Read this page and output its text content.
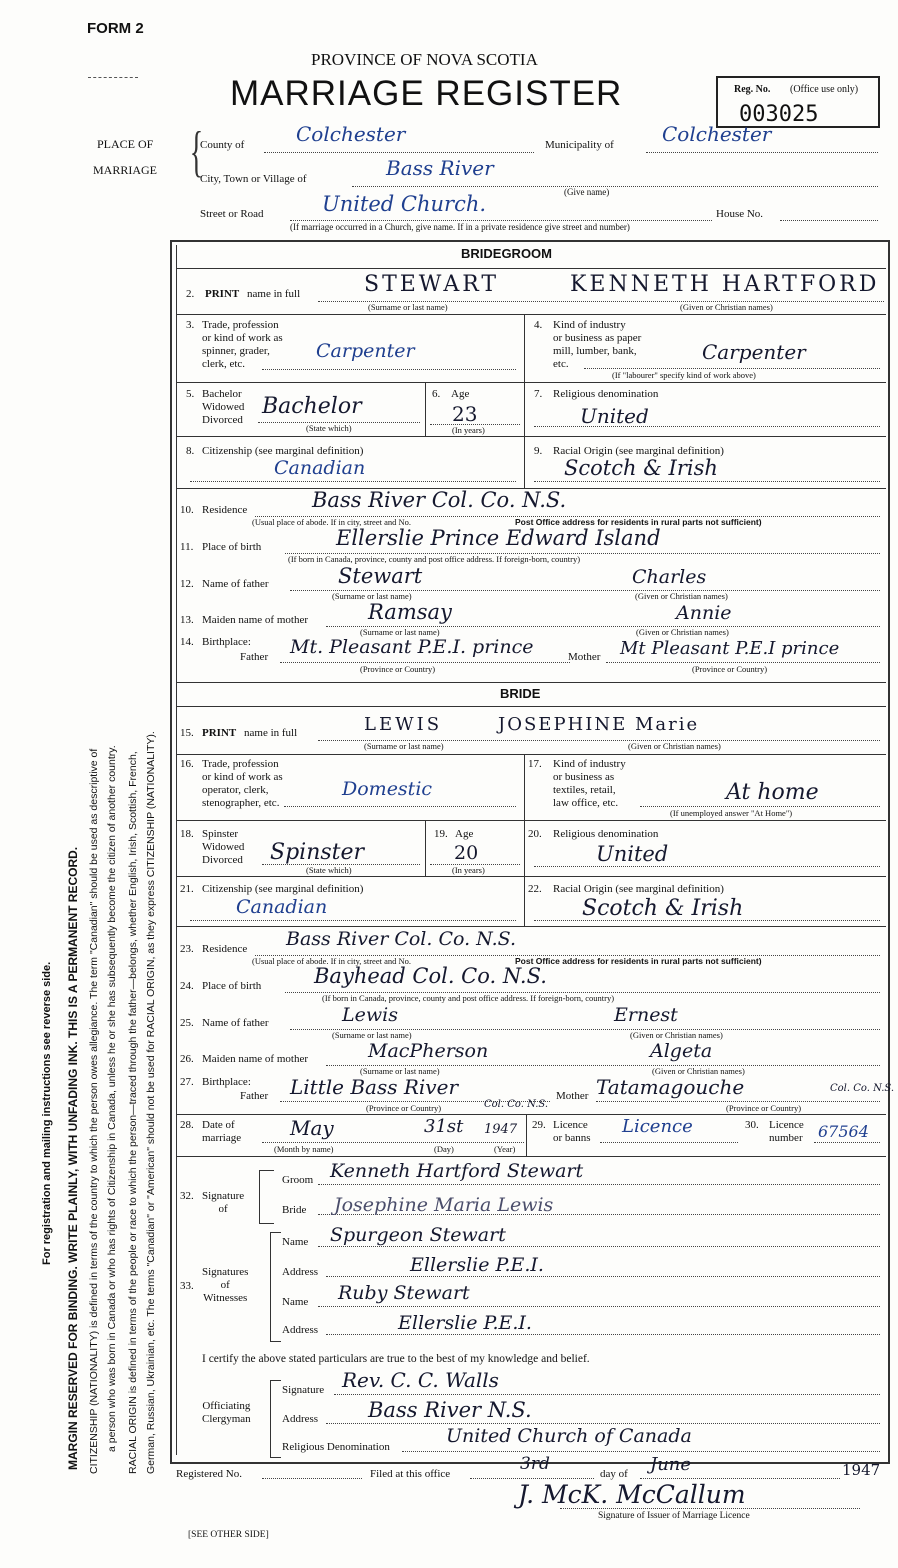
FORM 2
PROVINCE OF NOVA SCOTIA
MARRIAGE REGISTER	Reg. No. (Office use only)
003025
PLACE OF
MARRIAGE {
County of	Colchester	Municipality of Colchester
City, Town or Village of	Bass River
(Give name)
Street or Road	United Church.	House No.
(If marriage occurred in a Church, give name. If in a private residence give street and number)
MARGIN RESERVED FOR BINDING. WRITE PLAINLY, WITH UNFADING INK. THIS IS A PERMANENT RECORD.
For registration and mailing instructions see reverse side.	CITIZENSHIP (NATIONALITY) is defined in terms of the country to which the person owes allegiance. The term "Canadian" should be used as descriptive of a person who was born in Canada or who has rights of Citizenship in Canada, unless he or she has subsequently become the citizen of another country. RACIAL ORIGIN is defined in terms of the people or race to which the person—traced through the father—belongs, whether English, Irish, Scottish, French, German, Russian, Ukrainian, etc. The terms "Canadian" or "American" should not be used for RACIAL ORIGIN, as they express CITIZENSHIP (NATIONALITY).
BRIDEGROOM
2. PRINT name in full	STEWART	KENNETH HARTFORD
(Surname or last name)	(Given or Christian names)
3. Trade, profession
or kind of work as
spinner, grader,
clerk, etc.
Carpenter
4. Kind of industry
or business as paper
mill, lumber, bank,
etc.	Carpenter
(If "labourer" specify kind of work above)
5. Bachelor
Widowed
Divorced
Bachelor
(State which)
6. Age
23
(In years)
7. Religious denomination
United
8. Citizenship (see marginal definition)
Canadian
9. Racial Origin (see marginal definition)
Scotch & Irish
10. Residence	Bass River Col. Co. N.S.
(Usual place of abode. If in city, street and No.	Post Office address for residents in rural parts not sufficient)
11. Place of birth	Ellerslie Prince Edward Island
(If born in Canada, province, county and post office address. If foreign-born, country)
12. Name of father	Stewart	Charles
(Surname or last name)	(Given or Christian names)
13. Maiden name of mother	Ramsay	Annie
(Surname or last name)	(Given or Christian names)
14. Birthplace:
Father Mt. Pleasant P.E.I. prince	Mother Mt Pleasant P.E.I prince
(Province or Country)	(Province or Country)
BRIDE
15. PRINT name in full	LEWIS	JOSEPHINE Marie
(Surname or last name)	(Given or Christian names)
16. Trade, profession
or kind of work as
operator, clerk,
stenographer, etc.
Domestic
17. Kind of industry
or business as
textiles, retail,
law office, etc.	At home
(If unemployed answer "At Home")
18. Spinster
Widowed
Divorced Spinster
(State which)
19. Age
20
(In years)
20. Religious denomination
United
21. Citizenship (see marginal definition)
Canadian
22. Racial Origin (see marginal definition)
Scotch & Irish
23. Residence Bass River Col. Co. N.S.
(Usual place of abode. If in city, street and No.	Post Office address for residents in rural parts not sufficient)
24. Place of birth	Bayhead Col. Co. N.S.
(If born in Canada, province, county and post office address. If foreign-born, country)
25. Name of father	Lewis	Ernest
(Surname or last name)	(Given or Christian names)
26. Maiden name of mother	MacPherson	Algeta
(Surname or last name)	(Given or Christian names)
27. Birthplace:
Father Little Bass River
Col. Co. N.S.
Mother Tatamagouche	Col. Co. N.S.
(Province or Country)	(Province or Country)
28. Date of
marriage May	31st 1947
(Month by name)	(Day)	(Year)
29. Licence
or banns
Licence	30. Licence
number 67564
32. Signature
of
Groom Kenneth Hartford Stewart
Bride Josephine Maria Lewis
33.
Signatures
of
Witnesses
Name Spurgeon Stewart
Address	Ellerslie P.E.I.
Name Ruby Stewart
Address	Ellerslie P.E.I.
I certify the above stated particulars are true to the best of my knowledge and belief.
Officiating
Clergyman
Signature Rev. C. C. Walls
Address Bass River N.S.
Religious Denomination	United Church of Canada
Registered No.	Filed at this office	3rd	day of June	1947
J. McK. McCallum
Signature of Issuer of Marriage Licence
[SEE OTHER SIDE]
